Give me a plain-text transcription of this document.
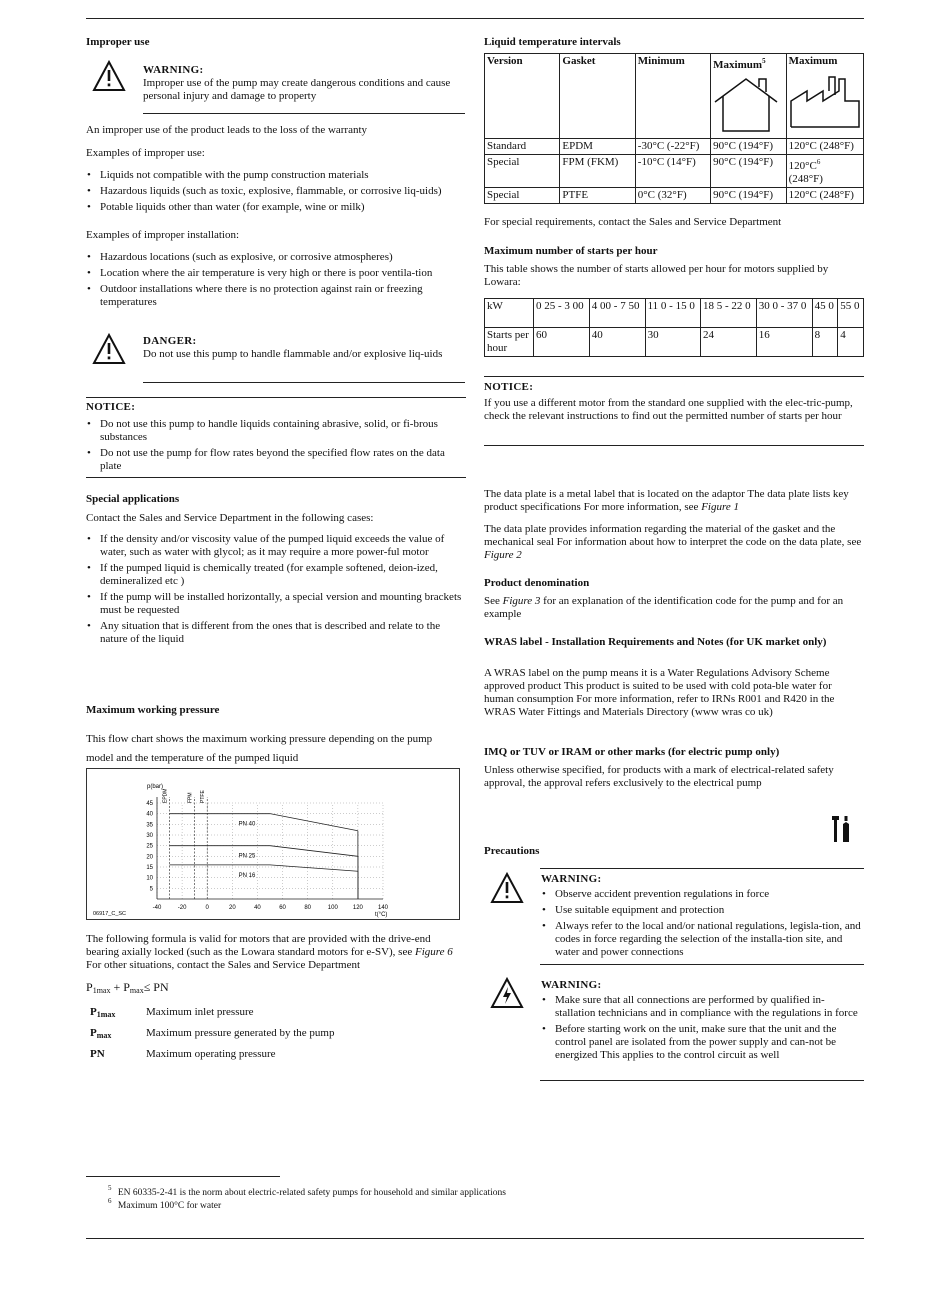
Improper use
WARNING:

Improper use of the pump may create dangerous conditions and cause personal injury and damage to property

An improper use of the product leads to the loss of the warranty

Examples of improper use:

• Liquids not compatible with the pump construction materials
• Hazardous liquids (such as toxic, explosive, flammable, or corrosive liq-uids)
• Potable liquids other than water (for example, wine or milk)

Examples of improper installation:

• Hazardous locations (such as explosive, or corrosive atmospheres)
• Location where the air temperature is very high or there is poor ventila-tion
• Outdoor installations where there is no protection against rain or freezing temperatures
DANGER:

Do not use this pump to handle flammable and/or explosive liq-uids

NOTICE:
• Do not use this pump to handle liquids containing abrasive, solid, or fi-brous substances
• Do not use the pump for flow rates beyond the specified flow rates on the data plate
Special applications

Contact the Sales and Service Department in the following cases:

• If the density and/or viscosity value of the pumped liquid exceeds the value of water, such as water with glycol; as it may require a more power-ful motor
• If the pumped liquid is chemically treated (for example softened, deion-ized, demineralized etc )
• If the pump will be installed horizontally, a special version and mounting brackets must be requested
• Any situation that is different from the ones that is described and relate to the nature of the liquid
Maximum working pressure

This flow chart shows the maximum working pressure depending on the pump model and the temperature of the pumped liquid

-40	-20	0	20	40	60	80	100	120	140
5
10
15
20
25
30
35
40
45
p(bar)
t(°C)
EPDM	FPM PTFE
PN 40
PN 25
PN 16
06917_C_SC

The following formula is valid for motors that are provided with the drive-end bearing axially locked (such as the Lowara standard motors for e-SV), see Figure 6 For other situations, contact the Sales and Service Department

$P_{1max} + P_{max}\le$ PN

$P_{1max}$	Maximum inlet pressure
$P_{max}$	Maximum pressure generated by the pump
PN	Maximum operating pressure
$^5$ EN 60335-2-41 is the norm about electric-related safety pumps for household and similar applications
$^6$ Maximum 100°C for water
Liquid temperature intervals
Version	Gasket	Minimum	Maximum$^5$	Maximum

Standard	EPDM	-30°C (-22°F)	90°C (194°F)	120°C (248°F)
Special	FPM (FKM)	-10°C (14°F)	90°C (194°F)	$120^\circ C^6$
(248°F)

Special	PTFE	0°C (32°F)	90°C (194°F)	120°C (248°F)

For special requirements, contact the Sales and Service Department

Maximum number of starts per hour

This table shows the number of starts allowed per hour for motors supplied by Lowara:

kW	0 25 - 3 00	4 00 - 7 50	11 0 - 15 0	18 5 - 22 0	30 0 - 37 0	45 0	55 0
Starts per hour	60	40	30	24	16	8	4
NOTICE:

If you use a different motor from the standard one supplied with the elec-tric-pump, check the relevant instructions to find out the permitted number of starts per hour

The data plate is a metal label that is located on the adaptor The data plate lists key product specifications For more information, see Figure 1

The data plate provides information regarding the material of the gasket and the mechanical seal For information about how to interpret the code on the data plate, see Figure 2

Product denomination

See Figure 3 for an explanation of the identification code for the pump and for an example

WRAS label - Installation Requirements and Notes (for UK market only)

A WRAS label on the pump means it is a Water Regulations Advisory Scheme approved product This product is suited to be used with cold pota-ble water for human consumption For more information, refer to IRNs R001 and R420 in the WRAS Water Fittings and Materials Directory (www wras co uk)

IMQ or TUV or IRAM or other marks (for electric pump only)

Unless otherwise specified, for products with a mark of electrical-related safety approval, the approval refers exclusively to the electrical pump

Precautions
WARNING:
• Observe accident prevention regulations in force
• Use suitable equipment and protection
• Always refer to the local and/or national regulations, legisla-tion, and codes in force regarding the selection of the installa-tion site, and water and power connections
WARNING:
• Make sure that all connections are performed by qualified in-stallation technicians and in compliance with the regulations in force
• Before starting work on the unit, make sure that the unit and the control panel are isolated from the power supply and can-not be energized This applies to the control circuit as well
